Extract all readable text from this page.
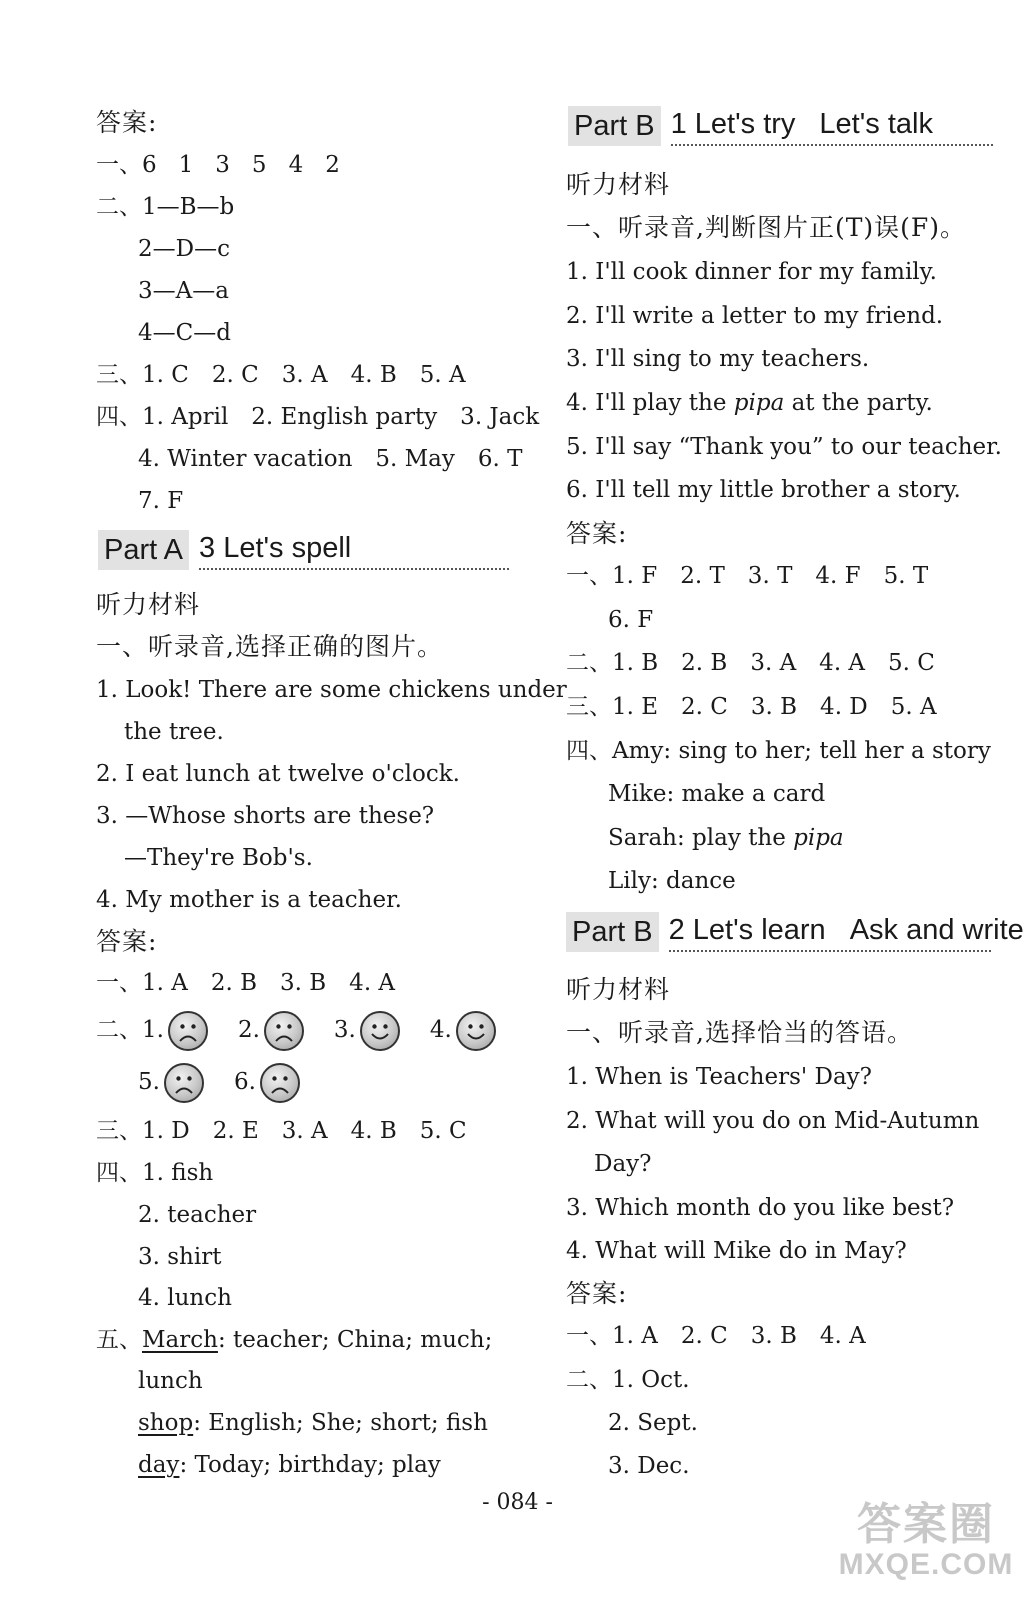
答案:
一、6 1 3 5 4 2
二、1—B—b
2—D—c
3—A—a
4—C—d
三、1. C　2. C　3. A　4. B　5. A
四、1. April　2. English party　3. Jack
4. Winter vacation　5. May　6. T
7. F
Part A 3 Let's spell
听力材料
一、听录音,选择正确的图片。
1. Look! There are some chickens under
the tree.
2. I eat lunch at twelve o'clock.
3. —Whose shorts are these?
—They're Bob's.
4. My mother is a teacher.
答案:
一、1. A　2. B　3. B　4. A
二、1.	2.	3.	4.
5.	6.
三、1. D　2. E　3. A　4. B　5. C
四、1. fish
2. teacher
3. shirt
4. lunch
五、March: teacher; China; much;
lunch
shop: English; She; short; fish
day: Today; birthday; play
Part B 1 Let's try Let's talk
听力材料
一、听录音,判断图片正(T)误(F)。
1. I'll cook dinner for my family.
2. I'll write a letter to my friend.
3. I'll sing to my teachers.
4. I'll play the pipa at the party.
5. I'll say “Thank you” to our teacher.
6. I'll tell my little brother a story.
答案:
一、1. F　2. T　3. T　4. F　5. T
6. F
二、1. B　2. B　3. A　4. A　5. C
三、1. E　2. C　3. B　4. D　5. A
四、Amy: sing to her; tell her a story
Mike: make a card
Sarah: play the pipa
Lily: dance
Part B 2 Let's learn Ask and write
听力材料
一、听录音,选择恰当的答语。
1. When is Teachers' Day?
2. What will you do on Mid-Autumn
Day?
3. Which month do you like best?
4. What will Mike do in May?
答案:
一、1. A　2. C　3. B　4. A
二、1. Oct.
2. Sept.
3. Dec.
- 084 -	答案圈
MXQE.COM
